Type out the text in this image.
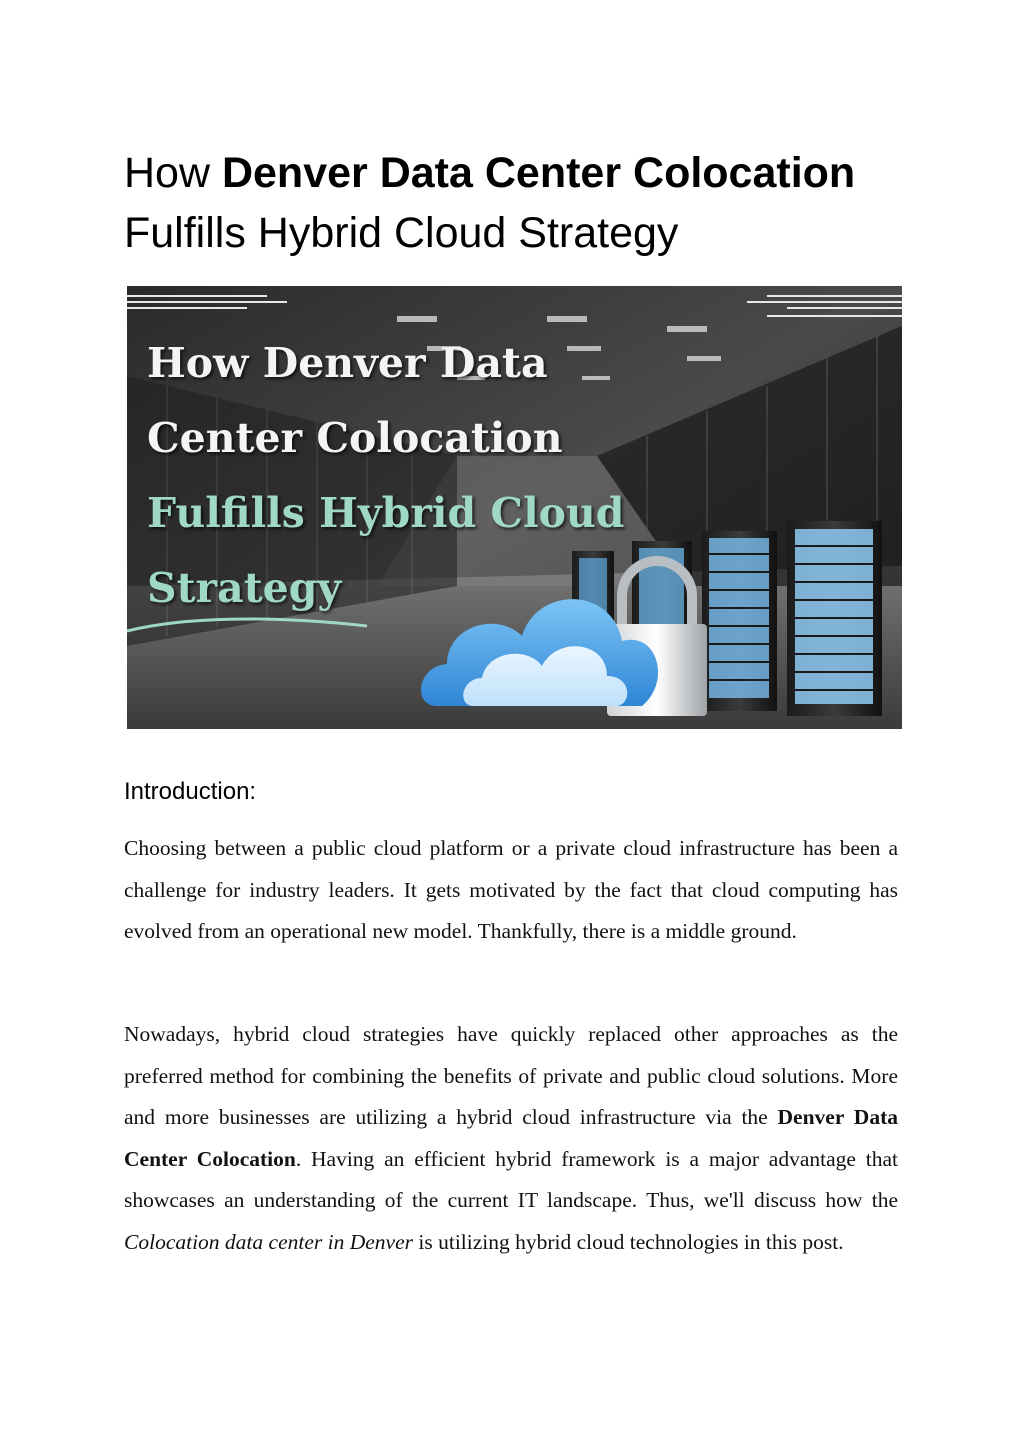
How Denver Data Center Colocation
Fulfills Hybrid Cloud Strategy
How Denver Data
Center Colocation
Fulfills Hybrid Cloud
Strategy
Introduction:

Choosing between a public cloud platform or a private cloud infrastructure has been a challenge for industry leaders. It gets motivated by the fact that cloud computing has evolved from an operational new model. Thankfully, there is a middle ground.

Nowadays, hybrid cloud strategies have quickly replaced other approaches as the preferred method for combining the benefits of private and public cloud solutions. More and more businesses are utilizing a hybrid cloud infrastructure via the Denver Data Center Colocation. Having an efficient hybrid framework is a major advantage that showcases an understanding of the current IT landscape. Thus, we'll discuss how the Colocation data center in Denver is utilizing hybrid cloud technologies in this post.
